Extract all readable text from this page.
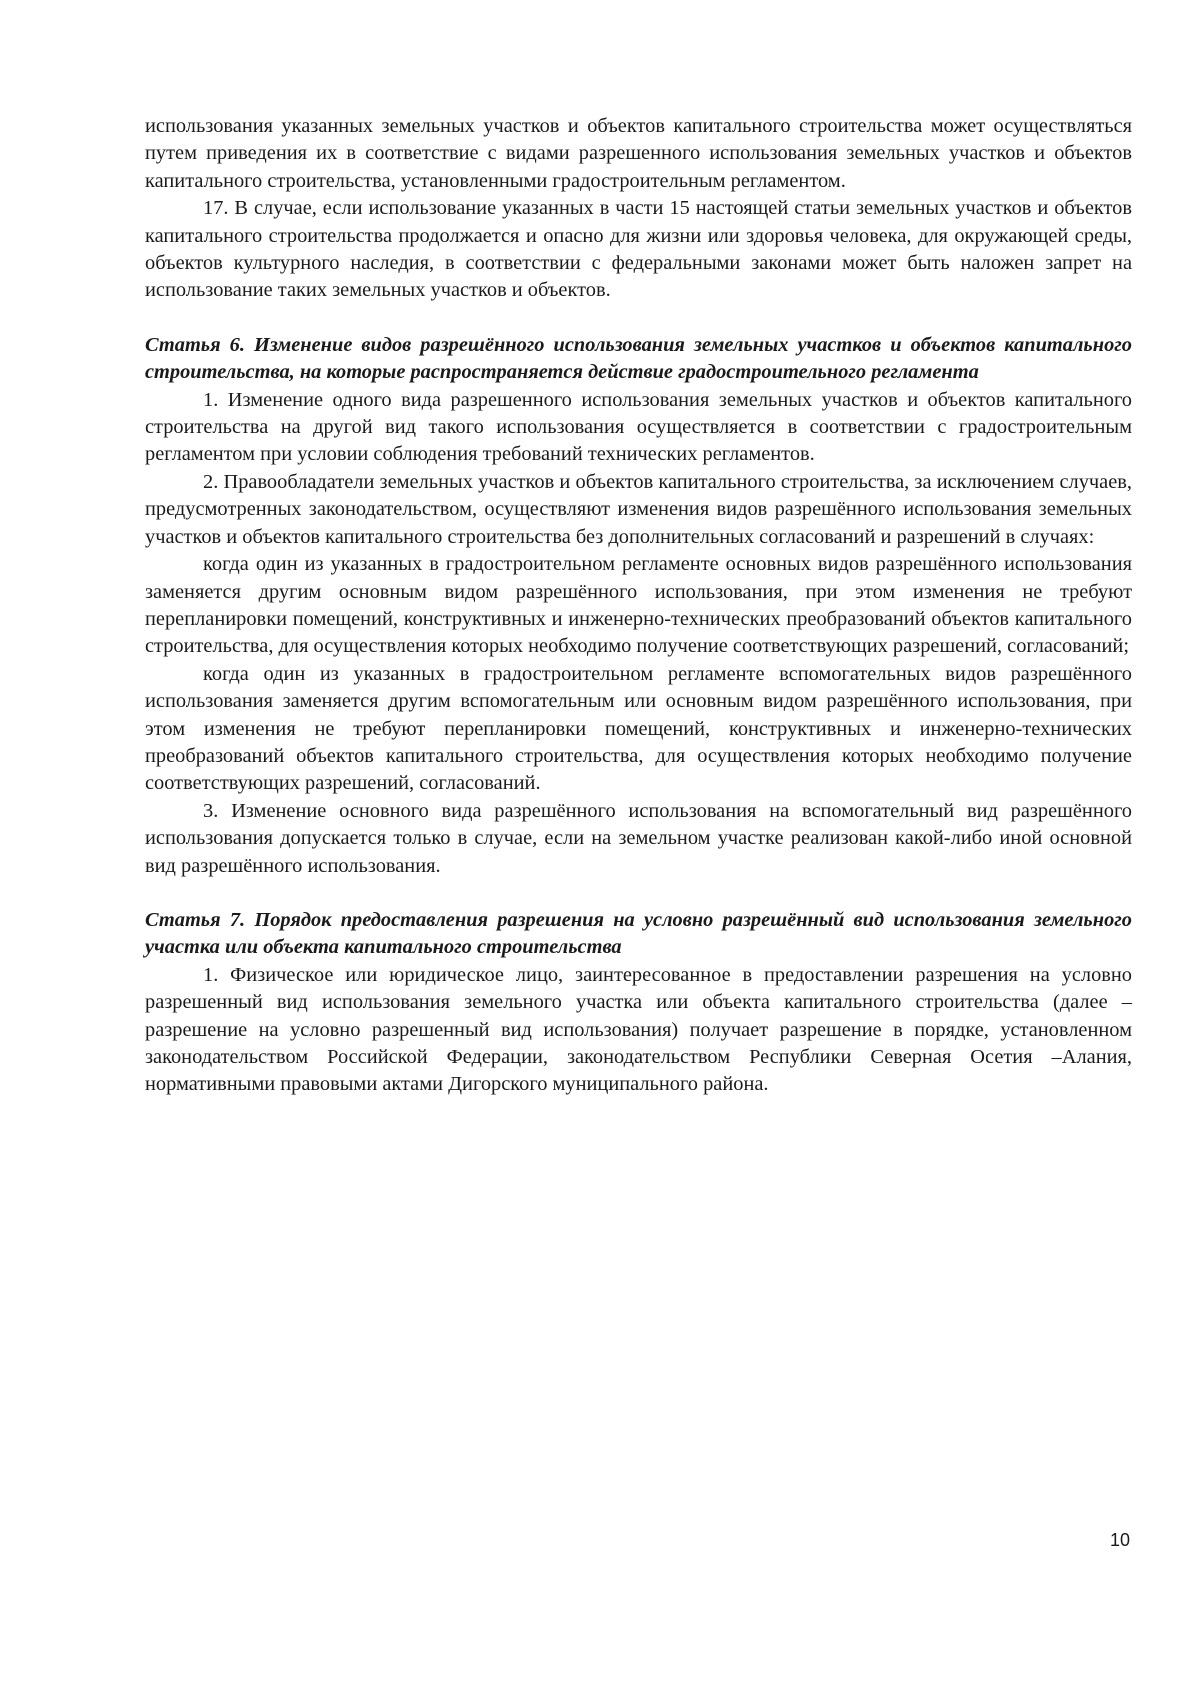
использования указанных земельных участков и объектов капитального строительства может осуществляться путем приведения их в соответствие с видами разрешенного использования земельных участков и объектов капитального строительства, установленными градостроительным регламентом.

17. В случае, если использование указанных в части 15 настоящей статьи земельных участков и объектов капитального строительства продолжается и опасно для жизни или здоровья человека, для окружающей среды, объектов культурного наследия, в соответствии с федеральными законами может быть наложен запрет на использование таких земельных участков и объектов.

Статья 6. Изменение видов разрешённого использования земельных участков и объектов капитального строительства, на которые распространяется действие градостроительного регламента

1. Изменение одного вида разрешенного использования земельных участков и объектов капитального строительства на другой вид такого использования осуществляется в соответствии с градостроительным регламентом при условии соблюдения требований технических регламентов.

2. Правообладатели земельных участков и объектов капитального строительства, за исключением случаев, предусмотренных законодательством, осуществляют изменения видов разрешённого использования земельных участков и объектов капитального строительства без дополнительных согласований и разрешений в случаях:

когда один из указанных в градостроительном регламенте основных видов разрешённого использования заменяется другим основным видом разрешённого использования, при этом изменения не требуют перепланировки помещений, конструктивных и инженерно-технических преобразований объектов капитального строительства, для осуществления которых необходимо получение соответствующих разрешений, согласований;

когда один из указанных в градостроительном регламенте вспомогательных видов разрешённого использования заменяется другим вспомогательным или основным видом разрешённого использования, при этом изменения не требуют перепланировки помещений, конструктивных и инженерно-технических преобразований объектов капитального строительства, для осуществления которых необходимо получение соответствующих разрешений, согласований.

3. Изменение основного вида разрешённого использования на вспомогательный вид разрешённого использования допускается только в случае, если на земельном участке реализован какой-либо иной основной вид разрешённого использования.

Статья 7. Порядок предоставления разрешения на условно разрешённый вид использования земельного участка или объекта капитального строительства

1. Физическое или юридическое лицо, заинтересованное в предоставлении разрешения на условно разрешенный вид использования земельного участка или объекта капитального строительства (далее – разрешение на условно разрешенный вид использования) получает разрешение в порядке, установленном законодательством Российской Федерации, законодательством Республики Северная Осетия –Алания, нормативными правовыми актами Дигорского муниципального района.

10
